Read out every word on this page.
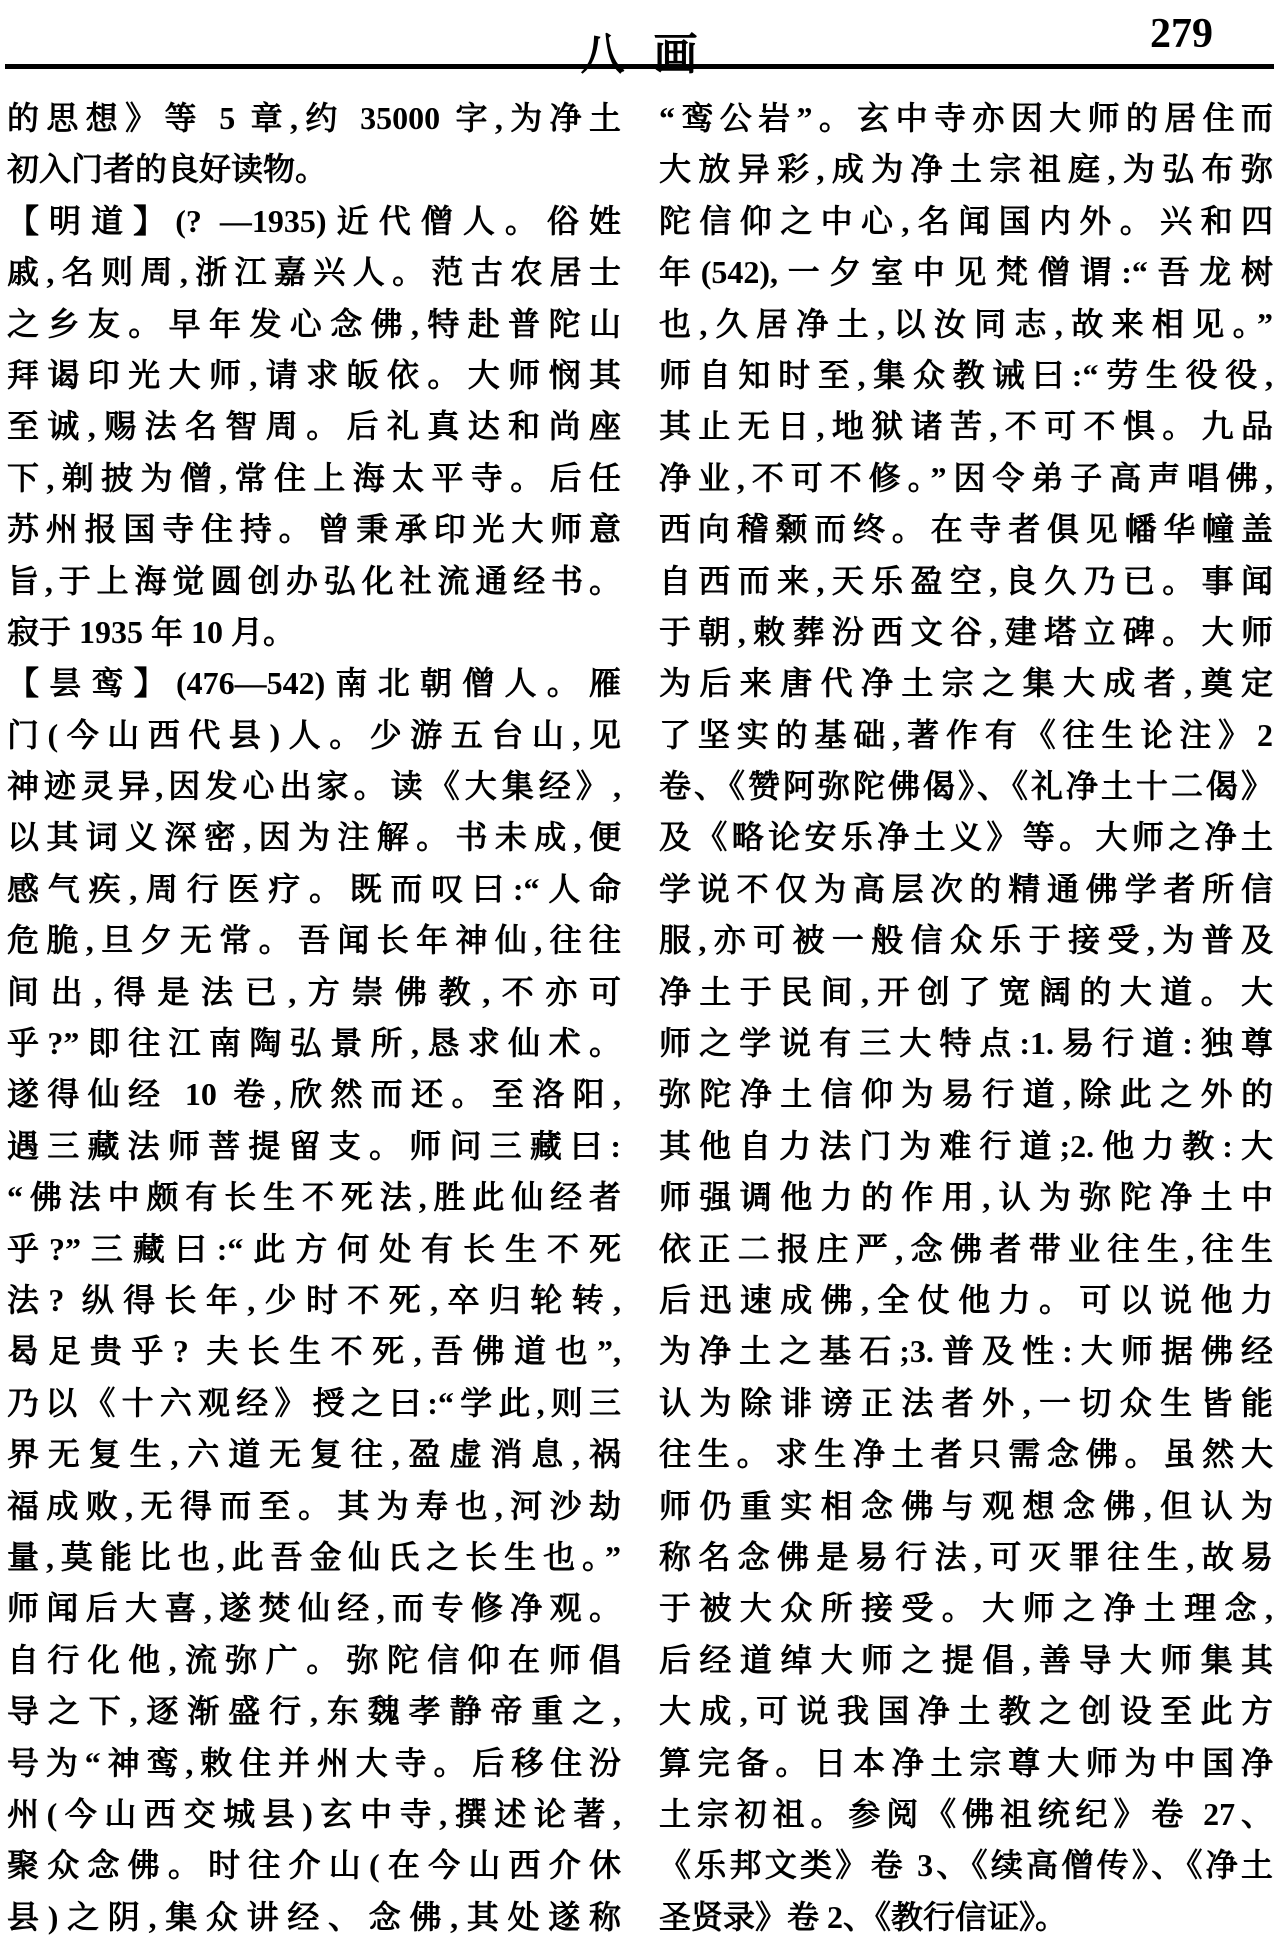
八 画	279
的思想》等 5 章,约 35000 字,为净土
初入门者的良好读物。
【明道】(? —1935)近代僧人。俗姓
戚,名则周,浙江嘉兴人。范古农居士
之乡友。早年发心念佛,特赴普陀山
拜谒印光大师,请求皈依。大师悯其
至诚,赐法名智周。后礼真达和尚座
下,剃披为僧,常住上海太平寺。后任
苏州报国寺住持。曾秉承印光大师意
旨,于上海觉圆创办弘化社流通经书。
寂于 1935 年 10 月。
【昙鸾】(476—542)南北朝僧人。雁
门(今山西代县)人。少游五台山,见
神迹灵异,因发心出家。读《大集经》,
以其词义深密,因为注解。书未成,便
感气疾,周行医疗。既而叹曰:“人命
危脆,旦夕无常。吾闻长年神仙,往往
间出,得是法已,方崇佛教,不亦可
乎?”即往江南陶弘景所,恳求仙术。
遂得仙经 10 卷,欣然而还。至洛阳,
遇三藏法师菩提留支。师问三藏曰:
“佛法中颇有长生不死法,胜此仙经者
乎?”三藏曰:“此方何处有长生不死
法? 纵得长年,少时不死,卒归轮转,
曷足贵乎? 夫长生不死,吾佛道也”,
乃以《十六观经》授之曰:“学此,则三
界无复生,六道无复往,盈虚消息,祸
福成败,无得而至。其为寿也,河沙劫
量,莫能比也,此吾金仙氏之长生也。”
师闻后大喜,遂焚仙经,而专修净观。
自行化他,流弥广。弥陀信仰在师倡
导之下,逐渐盛行,东魏孝静帝重之,
号为“神鸾,敕住并州大寺。后移住汾
州(今山西交城县)玄中寺,撰述论著,
聚众念佛。时往介山(在今山西介休
县)之阴,集众讲经、念佛,其处遂称
“鸾公岩”。玄中寺亦因大师的居住而
大放异彩,成为净土宗祖庭,为弘布弥
陀信仰之中心,名闻国内外。兴和四
年(542),一夕室中见梵僧谓:“吾龙树
也,久居净土,以汝同志,故来相见。”
师自知时至,集众教诫曰:“劳生役役,
其止无日,地狱诸苦,不可不惧。九品
净业,不可不修。”因令弟子高声唱佛,
西向稽颡而终。在寺者俱见幡华幢盖
自西而来,天乐盈空,良久乃已。事闻
于朝,敕葬汾西文谷,建塔立碑。大师
为后来唐代净土宗之集大成者,奠定
了坚实的基础,著作有《往生论注》2
卷、《赞阿弥陀佛偈》、《礼净土十二偈》
及《略论安乐净土义》等。大师之净土
学说不仅为高层次的精通佛学者所信
服,亦可被一般信众乐于接受,为普及
净土于民间,开创了宽阔的大道。大
师之学说有三大特点:1.易行道:独尊
弥陀净土信仰为易行道,除此之外的
其他自力法门为难行道;2.他力教:大
师强调他力的作用,认为弥陀净土中
依正二报庄严,念佛者带业往生,往生
后迅速成佛,全仗他力。可以说他力
为净土之基石;3.普及性:大师据佛经
认为除诽谤正法者外,一切众生皆能
往生。求生净土者只需念佛。虽然大
师仍重实相念佛与观想念佛,但认为
称名念佛是易行法,可灭罪往生,故易
于被大众所接受。大师之净土理念,
后经道绰大师之提倡,善导大师集其
大成,可说我国净土教之创设至此方
算完备。日本净土宗尊大师为中国净
土宗初祖。参阅《佛祖统纪》卷 27、
《乐邦文类》卷 3、《续高僧传》、《净土
圣贤录》卷 2、《教行信证》。
